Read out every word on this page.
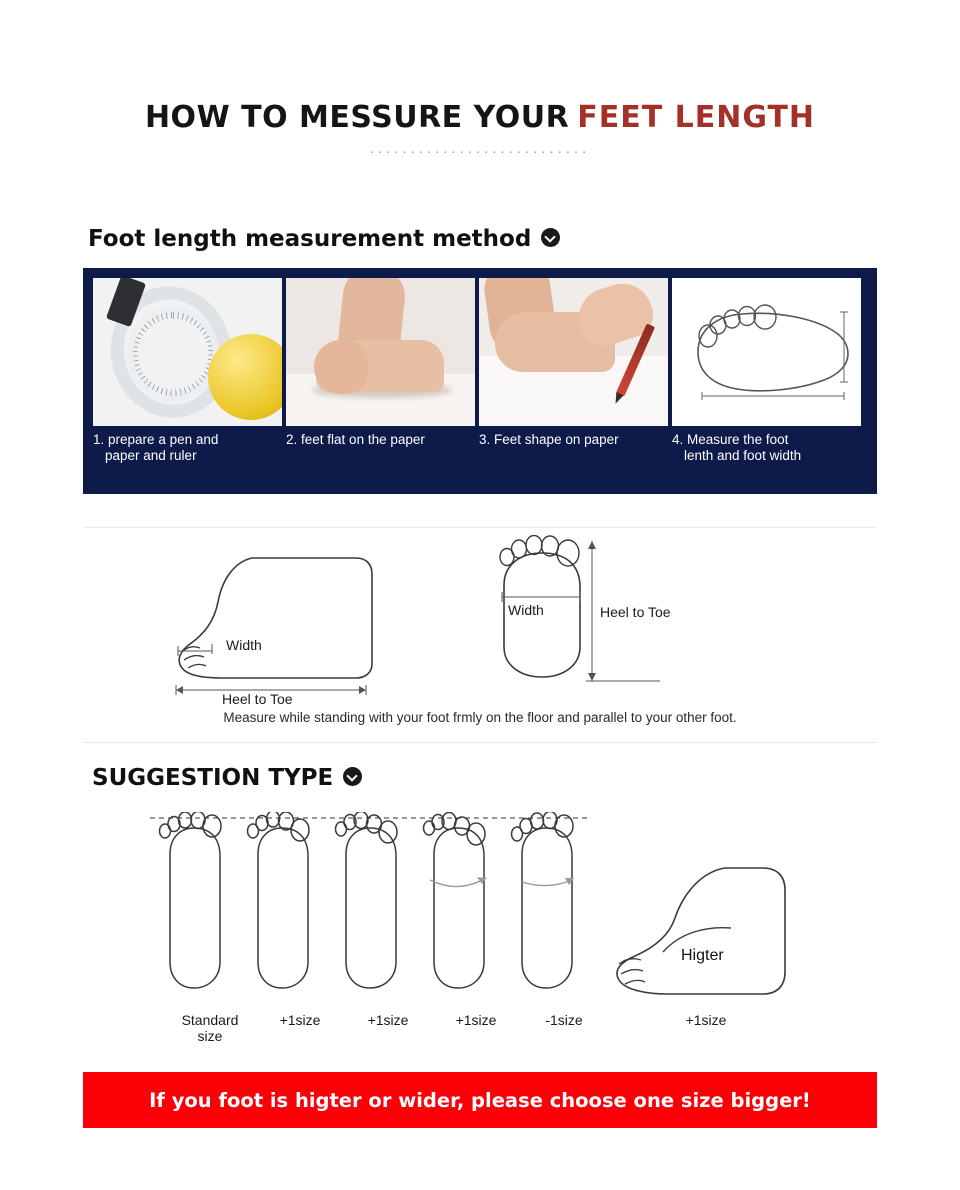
HOW TO MESSURE YOUR FEET LENGTH
...........................
Foot length measurement method
1. prepare a pen and
paper and ruler
2. feet flat on the paper	3. Feet shape on paper	4. Measure the foot
lenth and foot width
Width
Heel to Toe
Width	Heel to Toe
Measure while standing with your foot frmly on the floor and parallel to your other foot.
SUGGESTION TYPE
Higter
Standard
size
+1size	+1size	+1size	-1size	+1size
If you foot is higter or wider, please choose one size bigger!
